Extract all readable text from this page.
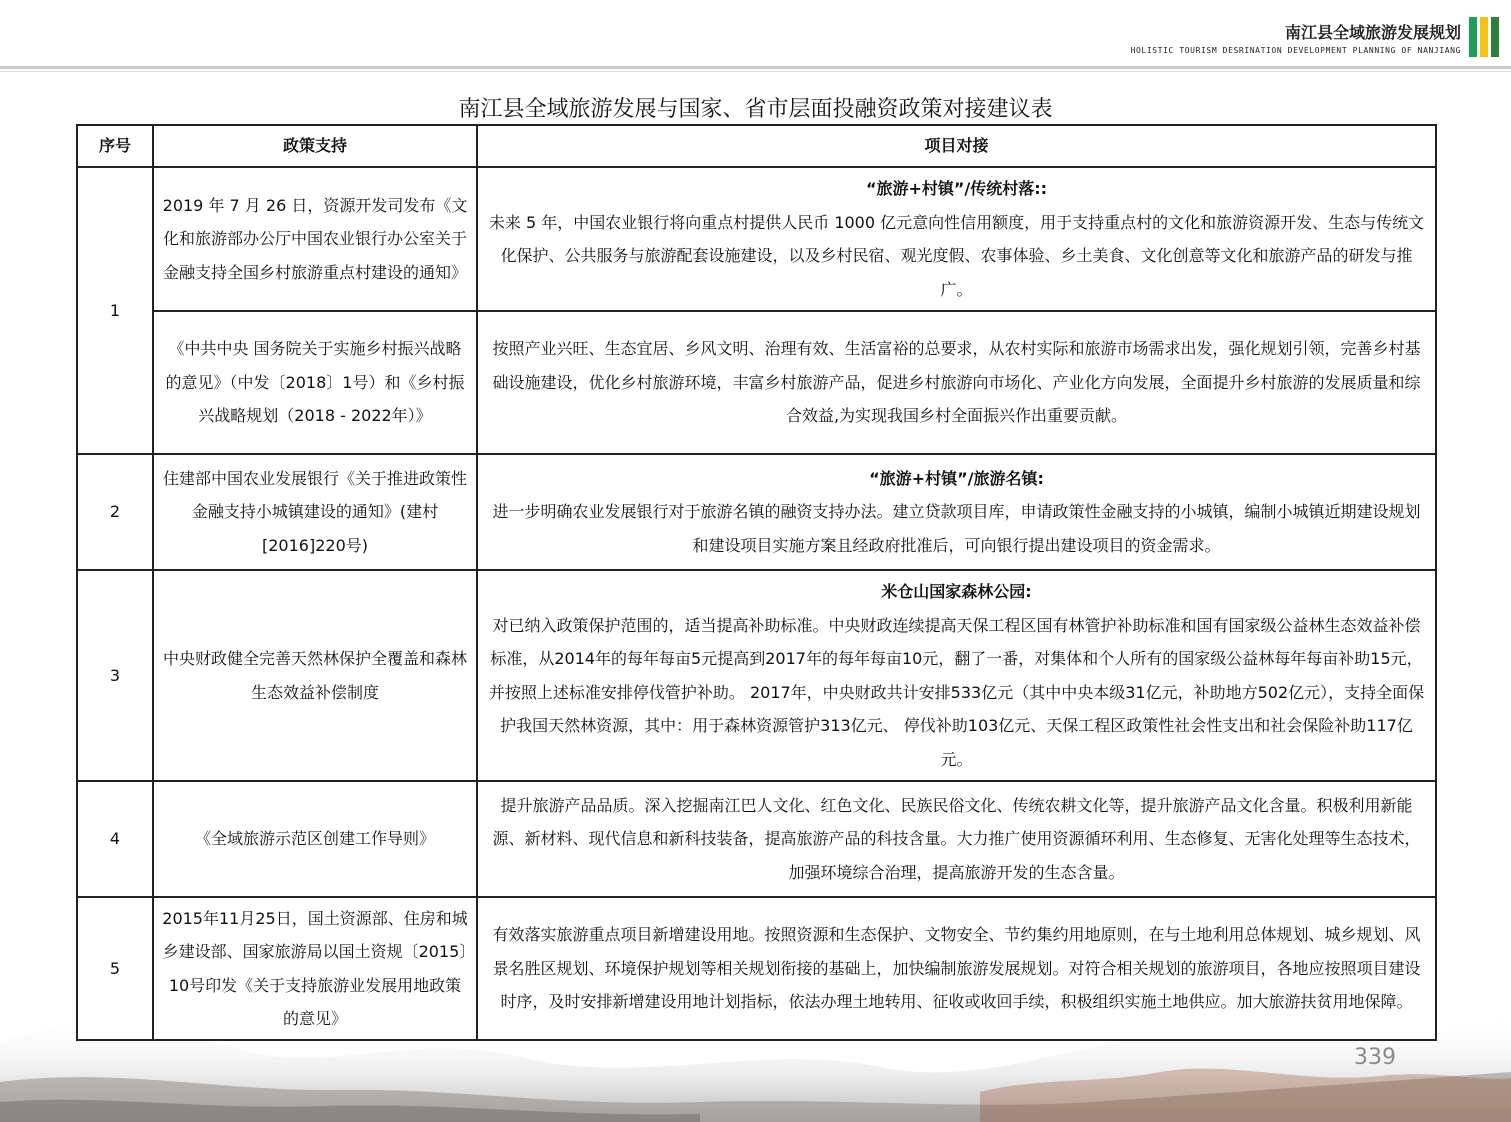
南江县全域旅游发展规划
HOLISTIC TOURISM DESRINATION DEVELOPMENT PLANNING OF NANJIANG
南江县全域旅游发展与国家、省市层面投融资政策对接建议表
序号	政策支持	项目对接
1	2019 年 7 月 26 日，资源开发司发布《文化和旅游部办公厅中国农业银行办公室关于金融支持全国乡村旅游重点村建设的通知》	“旅游+村镇”/传统村落::
未来 5 年，中国农业银行将向重点村提供人民币 1000 亿元意向性信用额度，用于支持重点村的文化和旅游资源开发、生态与传统文化保护、公共服务与旅游配套设施建设，以及乡村民宿、观光度假、农事体验、乡土美食、文化创意等文化和旅游产品的研发与推广。
	《中共中央 国务院关于实施乡村振兴战略的意见》（中发〔2018〕1号）和《乡村振兴战略规划（2018 - 2022年）》	按照产业兴旺、生态宜居、乡风文明、治理有效、生活富裕的总要求，从农村实际和旅游市场需求出发，强化规划引领，完善乡村基础设施建设，优化乡村旅游环境，丰富乡村旅游产品，促进乡村旅游向市场化、产业化方向发展，全面提升乡村旅游的发展质量和综合效益,为实现我国乡村全面振兴作出重要贡献。
2	住建部中国农业发展银行《关于推进政策性金融支持小城镇建设的通知》(建村[2016]220号)	“旅游+村镇”/旅游名镇:
进一步明确农业发展银行对于旅游名镇的融资支持办法。建立贷款项目库，申请政策性金融支持的小城镇，编制小城镇近期建设规划和建设项目实施方案且经政府批准后，可向银行提出建设项目的资金需求。
3	中央财政健全完善天然林保护全覆盖和森林生态效益补偿制度	米仓山国家森林公园:
对已纳入政策保护范围的，适当提高补助标准。中央财政连续提高天保工程区国有林管护补助标准和国有国家级公益林生态效益补偿标准，从2014年的每年每亩5元提高到2017年的每年每亩10元，翻了一番，对集体和个人所有的国家级公益林每年每亩补助15元，并按照上述标准安排停伐管护补助。 2017年，中央财政共计安排533亿元（其中中央本级31亿元，补助地方502亿元），支持全面保护我国天然林资源，其中：用于森林资源管护313亿元、 停伐补助103亿元、天保工程区政策性社会性支出和社会保险补助117亿元。
4	《全域旅游示范区创建工作导则》	提升旅游产品品质。深入挖掘南江巴人文化、红色文化、民族民俗文化、传统农耕文化等，提升旅游产品文化含量。积极利用新能源、新材料、现代信息和新科技装备，提高旅游产品的科技含量。大力推广使用资源循环利用、生态修复、无害化处理等生态技术，加强环境综合治理，提高旅游开发的生态含量。
5	2015年11月25日，国土资源部、住房和城乡建设部、国家旅游局以国土资规〔2015〕10号印发《关于支持旅游业发展用地政策的意见》	有效落实旅游重点项目新增建设用地。按照资源和生态保护、文物安全、节约集约用地原则，在与土地利用总体规划、城乡规划、风景名胜区规划、环境保护规划等相关规划衔接的基础上，加快编制旅游发展规划。对符合相关规划的旅游项目，各地应按照项目建设时序，及时安排新增建设用地计划指标，依法办理土地转用、征收或收回手续，积极组织实施土地供应。加大旅游扶贫用地保障。
339
